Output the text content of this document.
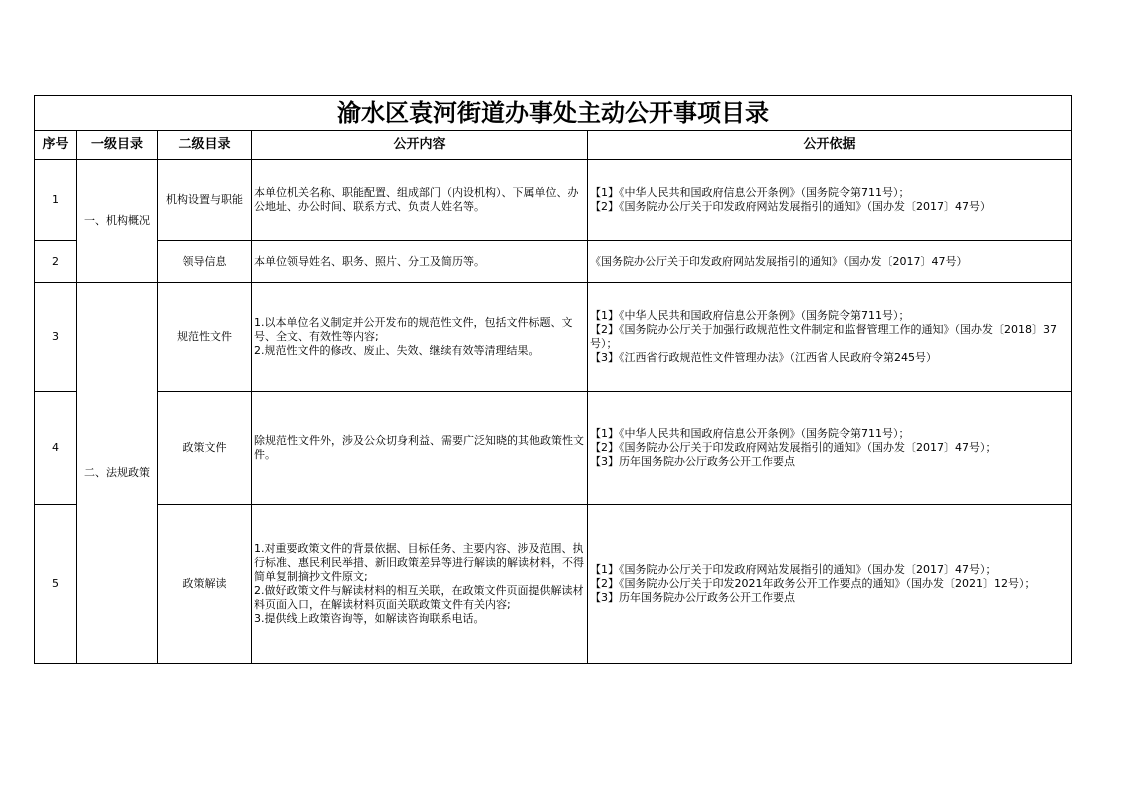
渝水区袁河街道办事处主动公开事项目录				
序号	一级目录	二级目录	公开内容	公开依据
1	一、机构概况	机构设置与职能	本单位机关名称、职能配置、组成部门（内设机构）、下属单位、办公地址、办公时间、联系方式、负责人姓名等。	【1】《中华人民共和国政府信息公开条例》（国务院令第711号）；
【2】《国务院办公厅关于印发政府网站发展指引的通知》（国办发〔2017〕47号）

2		领导信息	本单位领导姓名、职务、照片、分工及简历等。	《国务院办公厅关于印发政府网站发展指引的通知》（国办发〔2017〕47号）

3	二、法规政策	规范性文件	1.以本单位名义制定并公开发布的规范性文件，包括文件标题、文号、全文、有效性等内容;
2.规范性文件的修改、废止、失效、继续有效等清理结果。	【1】《中华人民共和国政府信息公开条例》（国务院令第711号）；
【2】《国务院办公厅关于加强行政规范性文件制定和监督管理工作的通知》（国办发〔2018〕37号）；
【3】《江西省行政规范性文件管理办法》（江西省人民政府令第245号）

4		政策文件	除规范性文件外，涉及公众切身利益、需要广泛知晓的其他政策性文件。	【1】《中华人民共和国政府信息公开条例》（国务院令第711号）；
【2】《国务院办公厅关于印发政府网站发展指引的通知》（国办发〔2017〕47号）；
【3】历年国务院办公厅政务公开工作要点

5		政策解读	1.对重要政策文件的背景依据、目标任务、主要内容、涉及范围、执行标准、惠民利民举措、新旧政策差异等进行解读的解读材料，不得简单复制摘抄文件原文;
2.做好政策文件与解读材料的相互关联，在政策文件页面提供解读材料页面入口，在解读材料页面关联政策文件有关内容;
3.提供线上政策咨询等，如解读咨询联系电话。	【1】《国务院办公厅关于印发政府网站发展指引的通知》（国办发〔2017〕47号）；
【2】《国务院办公厅关于印发2021年政务公开工作要点的通知》（国办发〔2021〕12号）；
【3】历年国务院办公厅政务公开工作要点
